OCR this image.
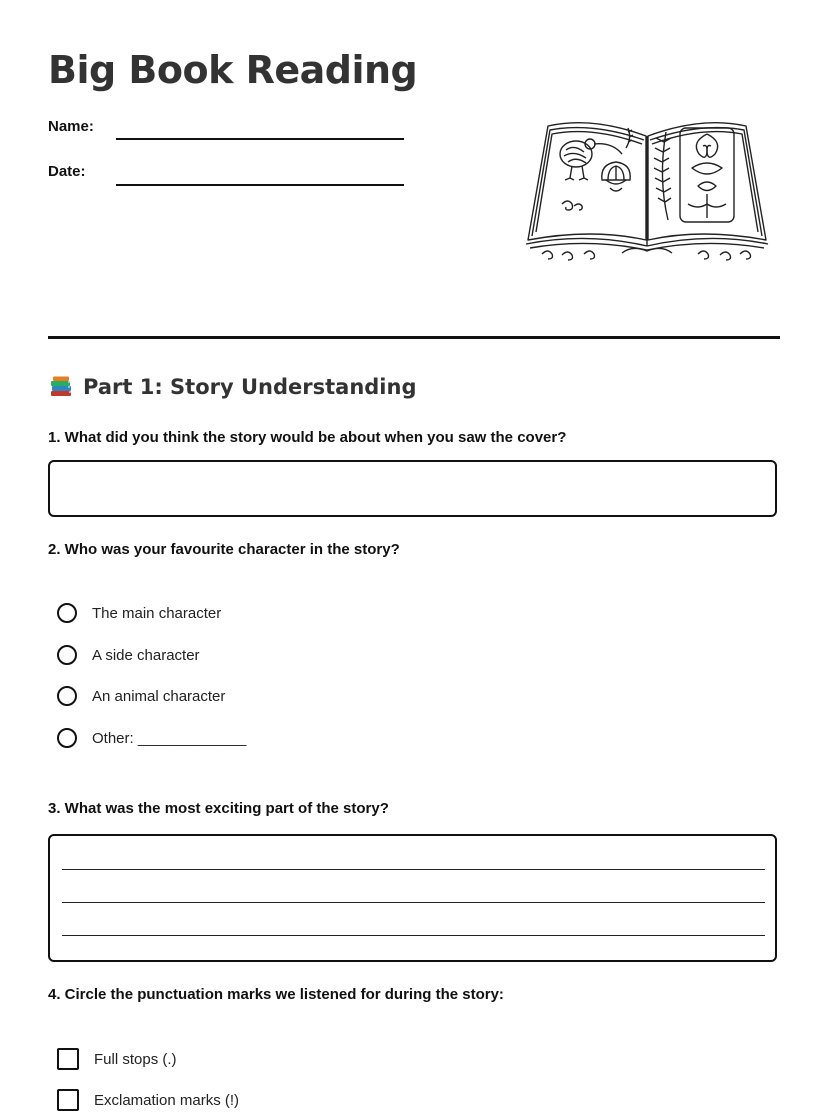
Big Book Reading
Name:
Date:
Part 1: Story Understanding

1. What did you think the story would be about when you saw the cover?

2. Who was your favourite character in the story?

The main character
A side character
An animal character
Other: _____________

3. What was the most exciting part of the story?

4. Circle the punctuation marks we listened for during the story:

Full stops (.)
Exclamation marks (!)
